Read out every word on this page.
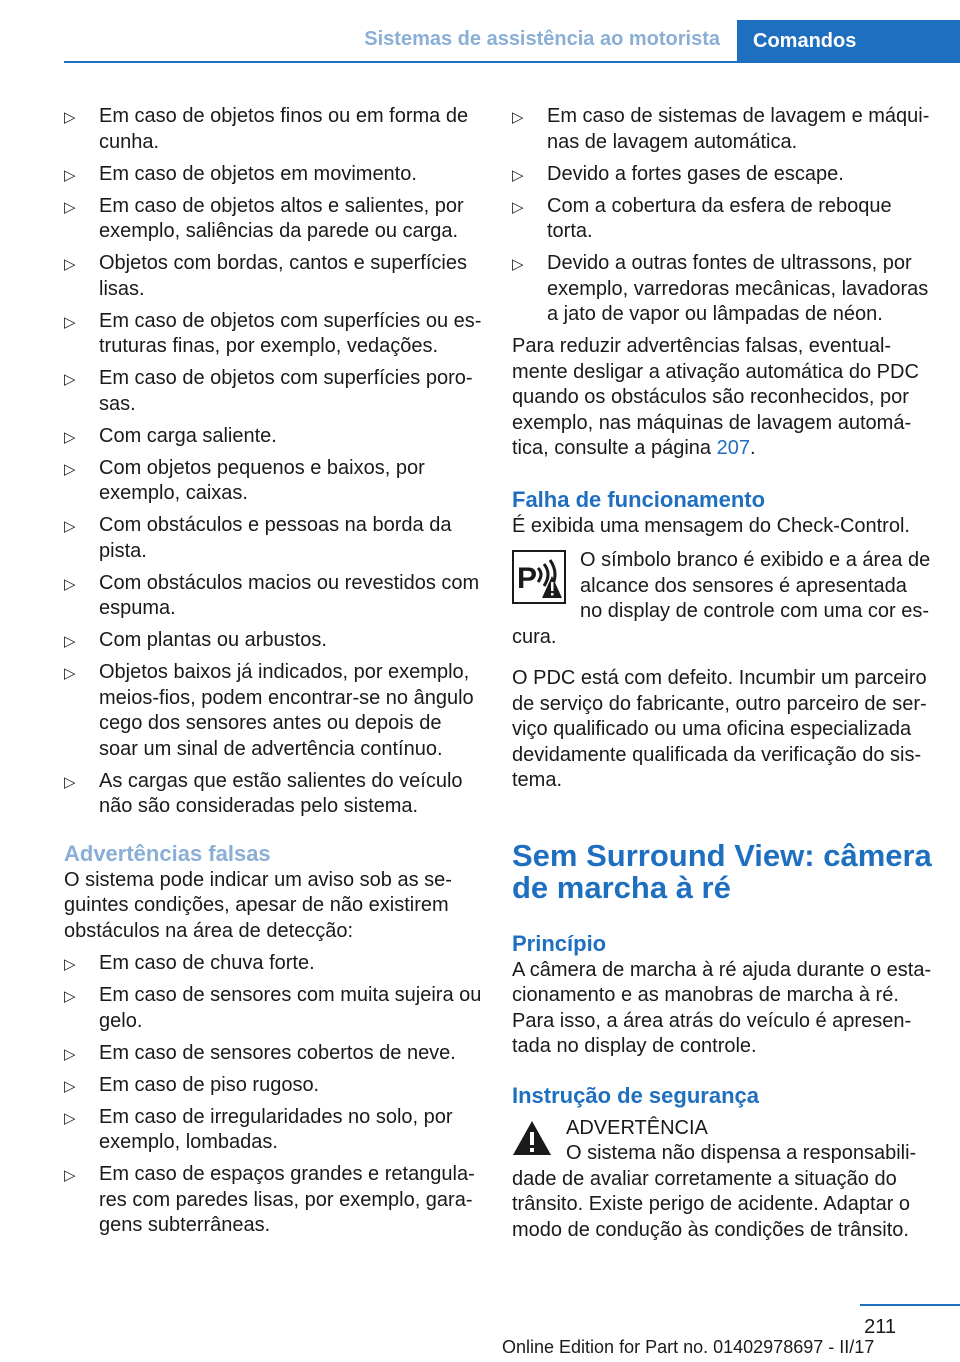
Sistemas de assistência ao motorista	Comandos
▷ Em caso de objetos finos ou em forma de cunha.
▷ Em caso de objetos em movimento.
▷ Em caso de objetos altos e salientes, por exemplo, saliências da parede ou carga.
▷ Objetos com bordas, cantos e superfícies lisas.
▷ Em caso de objetos com superfícies ou es‐truturas finas, por exemplo, vedações.
▷ Em caso de objetos com superfícies poro‐sas.
▷ Com carga saliente.
▷ Com objetos pequenos e baixos, por exemplo, caixas.
▷ Com obstáculos e pessoas na borda da pista.
▷ Com obstáculos macios ou revestidos com espuma.
▷ Com plantas ou arbustos.
▷ Objetos baixos já indicados, por exemplo, meios-fios, podem encontrar-se no ângulo cego dos sensores antes ou depois de soar um sinal de advertência contínuo.
▷ As cargas que estão salientes do veículo não são consideradas pelo sistema.
Advertências falsas
O sistema pode indicar um aviso sob as se‐guintes condições, apesar de não existirem obstáculos na área de detecção:
▷ Em caso de chuva forte.
▷ Em caso de sensores com muita sujeira ou gelo.
▷ Em caso de sensores cobertos de neve.
▷ Em caso de piso rugoso.
▷ Em caso de irregularidades no solo, por exemplo, lombadas.
▷ Em caso de espaços grandes e retangula‐res com paredes lisas, por exemplo, gara‐gens subterrâneas.
▷ Em caso de sistemas de lavagem e máqui‐nas de lavagem automática.
▷ Devido a fortes gases de escape.
▷ Com a cobertura da esfera de reboque torta.
▷ Devido a outras fontes de ultrassons, por exemplo, varredoras mecânicas, lavadoras a jato de vapor ou lâmpadas de néon.
Para reduzir advertências falsas, eventual‐mente desligar a ativação automática do PDC quando os obstáculos são reconhecidos, por exemplo, nas máquinas de lavagem automá‐tica, consulte a página 207.
Falha de funcionamento
É exibida uma mensagem do Check-Control.
P
O símbolo branco é exibido e a área de alcance dos sensores é apresentada no display de controle com uma cor es‐cura.
O PDC está com defeito. Incumbir um parceiro de serviço do fabricante, outro parceiro de ser‐viço qualificado ou uma oficina especializada devidamente qualificada da verificação do sis‐tema.
Sem Surround View: câmera de marcha à ré
Princípio
A câmera de marcha à ré ajuda durante o esta‐cionamento e as manobras de marcha à ré. Para isso, a área atrás do veículo é apresen‐tada no display de controle.
Instrução de segurança
ADVERTÊNCIA
O sistema não dispensa a responsabili‐dade de avaliar corretamente a situação do trânsito. Existe perigo de acidente. Adaptar o modo de condução às condições de trânsito.
211
Online Edition for Part no. 01402978697 - II/17
